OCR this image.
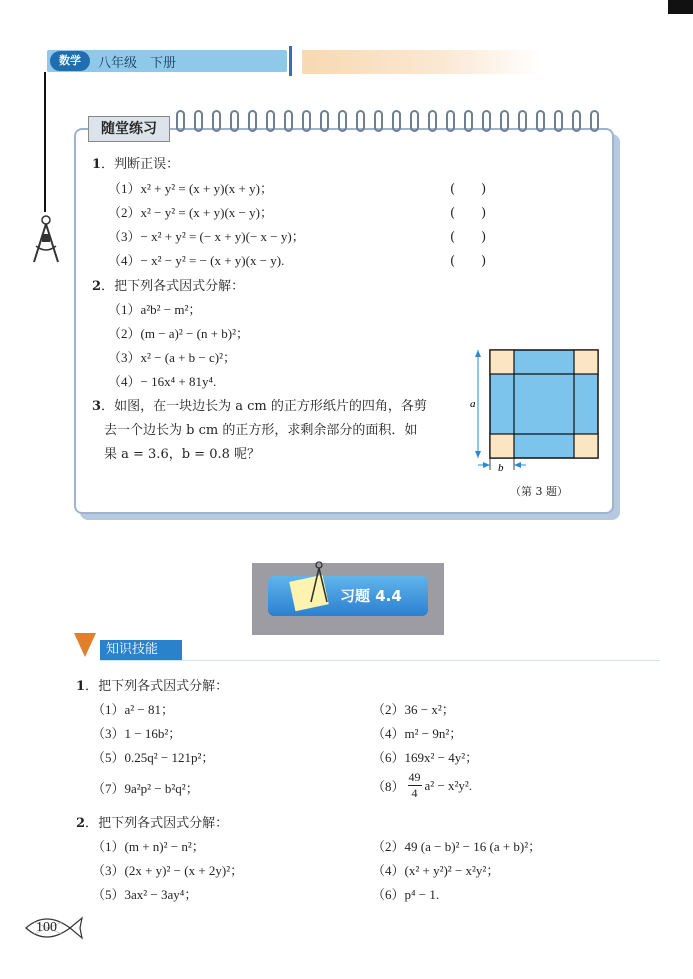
数学	八年级　下册
随堂练习
1．判断正误：
（1）x² + y² = (x + y)(x + y)；	(　　)
（2）x² − y² = (x + y)(x − y)；	(　　)
（3）− x² + y² = (− x + y)(− x − y)；	(　　)
（4）− x² − y² = − (x + y)(x − y).	(　　)
2．把下列各式因式分解：
（1）a²b² − m²；
（2）(m − a)² − (n + b)²；
（3）x² − (a + b − c)²；
（4）− 16x⁴ + 81y⁴.
3．如图，在一块边长为 a cm 的正方形纸片的四角，各剪
去一个边长为 b cm 的正方形，求剩余部分的面积．如
果 a = 3.6，b = 0.8 呢？
a
b
（第 3 题）
习题 4.4
知识技能
1．把下列各式因式分解：
（1）a² − 81；	（2）36 − x²；
（3）1 − 16b²；	（4）m² − 9n²；
（5）0.25q² − 121p²；	（6）169x² − 4y²；
（7）9a²p² − b²q²；	（8）
49
4
a² − x²y².
2．把下列各式因式分解：
（1）(m + n)² − n²；	（2）49 (a − b)² − 16 (a + b)²；
（3）(2x + y)² − (x + 2y)²；	（4）(x² + y²)² − x²y²；
（5）3ax² − 3ay⁴；	（6）p⁴ − 1.
100
